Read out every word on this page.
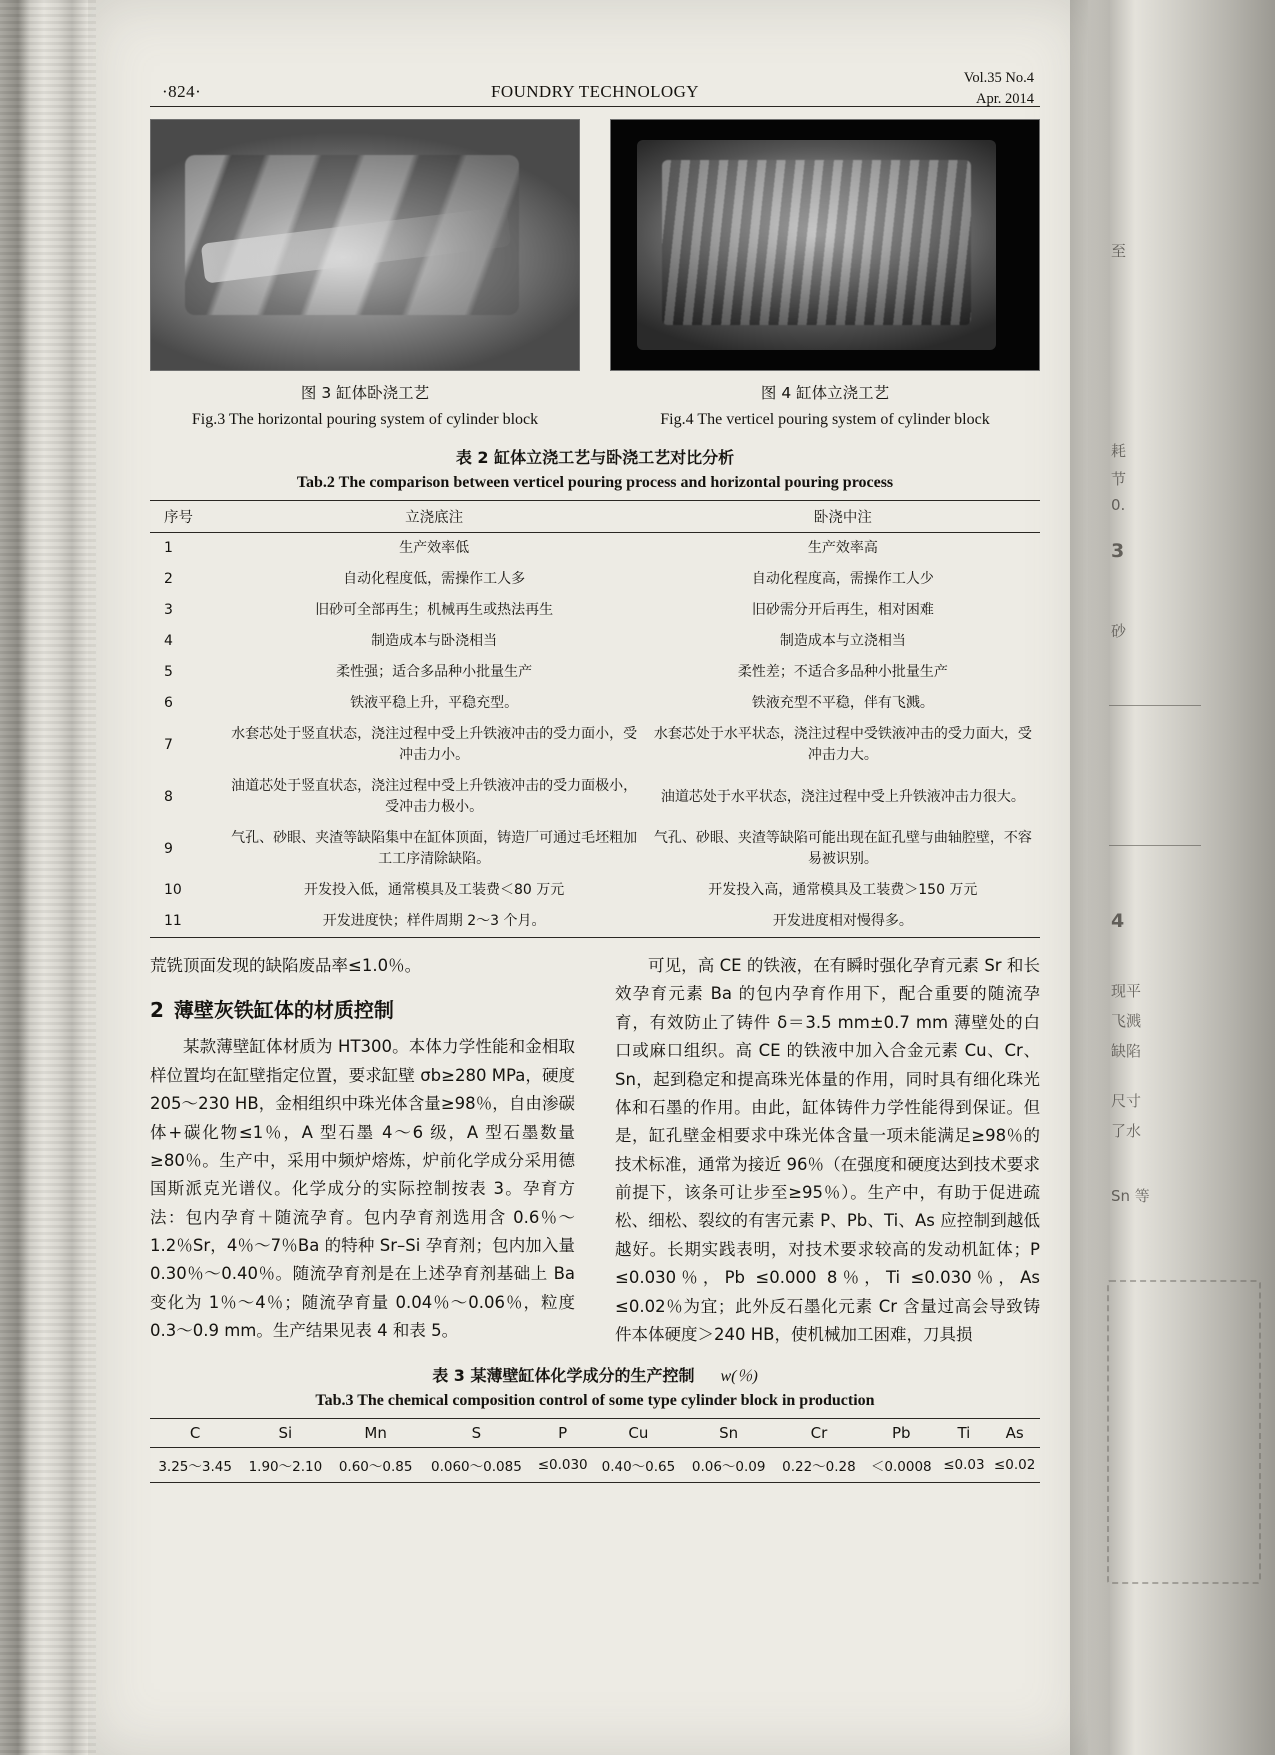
·824·	FOUNDRY TECHNOLOGY
Vol.35 No.4
Apr. 2014
图 3 缸体卧浇工艺
Fig.3 The horizontal pouring system of cylinder block
图 4 缸体立浇工艺
Fig.4 The verticel pouring system of cylinder block
表 2 缸体立浇工艺与卧浇工艺对比分析
Tab.2 The comparison between verticel pouring process and horizontal pouring process
序号	立浇底注	卧浇中注
1	生产效率低	生产效率高
2	自动化程度低，需操作工人多	自动化程度高，需操作工人少
3	旧砂可全部再生；机械再生或热法再生	旧砂需分开后再生，相对困难
4	制造成本与卧浇相当	制造成本与立浇相当
5	柔性强；适合多品种小批量生产	柔性差；不适合多品种小批量生产
6	铁液平稳上升，平稳充型。	铁液充型不平稳，伴有飞溅。
7	水套芯处于竖直状态，浇注过程中受上升铁液冲击的受力面小，受冲击力小。	水套芯处于水平状态，浇注过程中受铁液冲击的受力面大，受冲击力大。
8	油道芯处于竖直状态，浇注过程中受上升铁液冲击的受力面极小，受冲击力极小。	油道芯处于水平状态，浇注过程中受上升铁液冲击力很大。
9	气孔、砂眼、夹渣等缺陷集中在缸体顶面，铸造厂可通过毛坯粗加工工序清除缺陷。	气孔、砂眼、夹渣等缺陷可能出现在缸孔壁与曲轴腔壁，不容易被识别。
10	开发投入低，通常模具及工装费＜80 万元	开发投入高，通常模具及工装费＞150 万元
11	开发进度快；样件周期 2～3 个月。	开发进度相对慢得多。

荒铣顶面发现的缺陷废品率≤1.0％。

2 薄壁灰铁缸体的材质控制

某款薄壁缸体材质为 HT300。本体力学性能和金相取样位置均在缸壁指定位置，要求缸壁 σb≥280 MPa，硬度 205～230 HB，金相组织中珠光体含量≥98％，自由渗碳体+碳化物≤1％，A 型石墨 4～6 级，A 型石墨数量≥80％。生产中，采用中频炉熔炼，炉前化学成分采用德国斯派克光谱仪。化学成分的实际控制按表 3。孕育方法：包内孕育＋随流孕育。包内孕育剂选用含 0.6％～1.2％Sr，4％～7％Ba 的特种 Sr–Si 孕育剂；包内加入量 0.30％～0.40％。随流孕育剂是在上述孕育剂基础上 Ba 变化为 1％～4％；随流孕育量 0.04％～0.06％，粒度 0.3～0.9 mm。生产结果见表 4 和表 5。

可见，高 CE 的铁液，在有瞬时强化孕育元素 Sr 和长效孕育元素 Ba 的包内孕育作用下，配合重要的随流孕育，有效防止了铸件 δ＝3.5 mm±0.7 mm 薄壁处的白口或麻口组织。高 CE 的铁液中加入合金元素 Cu、Cr、Sn，起到稳定和提高珠光体量的作用，同时具有细化珠光体和石墨的作用。由此，缸体铸件力学性能得到保证。但是，缸孔壁金相要求中珠光体含量一项未能满足≥98％的技术标准，通常为接近 96％（在强度和硬度达到技术要求前提下，该条可让步至≥95％）。生产中，有助于促进疏松、细松、裂纹的有害元素 P、Pb、Ti、As 应控制到越低越好。长期实践表明，对技术要求较高的发动机缸体；P ≤0.030％，Pb ≤0.000 8％，Ti ≤0.030％，As ≤0.02％为宜；此外反石墨化元素 Cr 含量过高会导致铸件本体硬度＞240 HB，使机械加工困难，刀具损

表 3 某薄壁缸体化学成分的生产控制 w(％)
Tab.3 The chemical composition control of some type cylinder block in production
C	Si	Mn	S	P	Cu	Sn	Cr	Pb	Ti	As
3.25～3.45	1.90～2.10	0.60～0.85	0.060～0.085	≤0.030	0.40～0.65	0.06～0.09	0.22～0.28	＜0.0008	≤0.03	≤0.02
至
耗
节
0.
3
砂
4
现平
飞溅
缺陷
尺寸
了水
Sn 等
